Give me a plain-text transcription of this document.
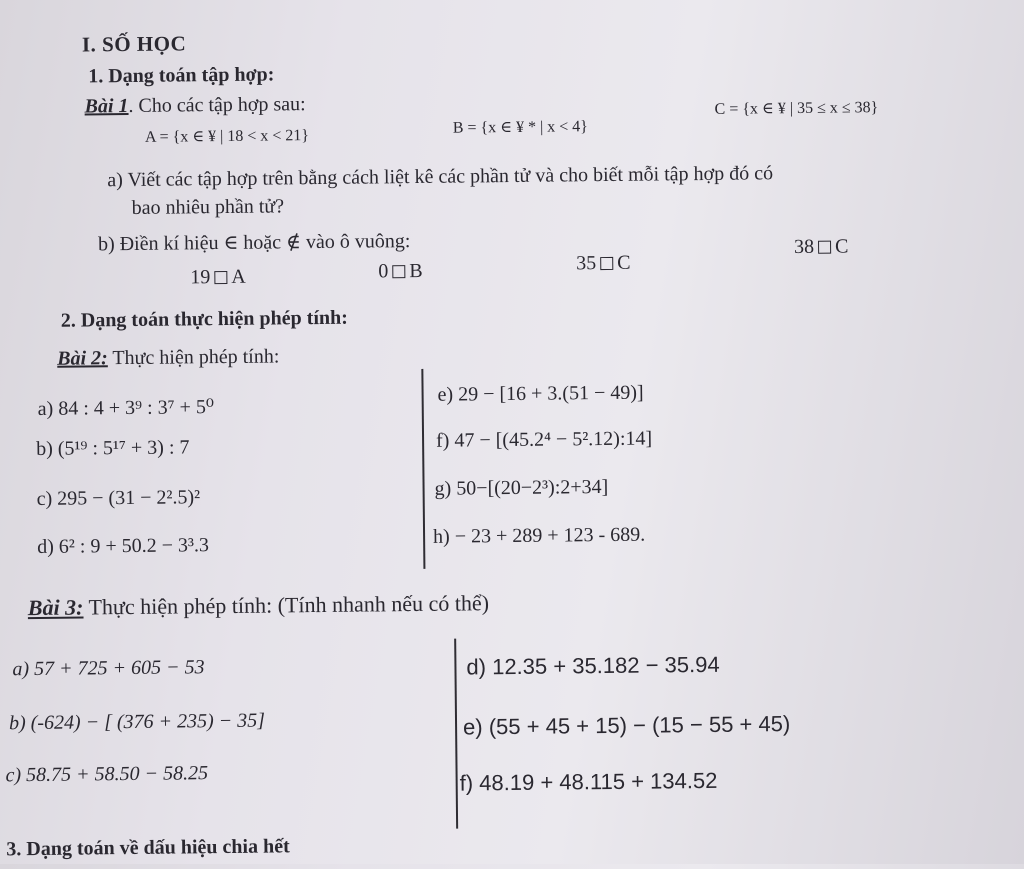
I. SỐ HỌC
1. Dạng toán tập hợp:
Bài 1. Cho các tập hợp sau:
A = {x ∈ ¥ | 18 < x < 21}	B = {x ∈ ¥ * | x < 4}
C = {x ∈ ¥ | 35 ≤ x ≤ 38}
a) Viết các tập hợp trên bằng cách liệt kê các phần tử và cho biết mỗi tập hợp đó có
bao nhiêu phần tử?
b) Điền kí hiệu ∈ hoặc ∉ vào ô vuông:
19 A	0 B	35 C
38 C
2. Dạng toán thực hiện phép tính:
Bài 2: Thực hiện phép tính:
a) 84 : 4 + 3⁹ : 3⁷ + 5⁰
b) (5¹⁹ : 5¹⁷ + 3) : 7
c) 295 − (31 − 2².5)²
d) 6² : 9 + 50.2 − 3³.3
e) 29 − [16 + 3.(51 − 49)]
f) 47 − [(45.2⁴ − 5².12):14]
g) 50−[(20−2³):2+34]
h) − 23 + 289 + 123 - 689.
Bài 3: Thực hiện phép tính: (Tính nhanh nếu có thể)
a) 57 + 725 + 605 − 53
b) (-624) − [ (376 + 235) − 35]
c) 58.75 + 58.50 − 58.25
d) 12.35 + 35.182 − 35.94
e) (55 + 45 + 15) − (15 − 55 + 45)
f) 48.19 + 48.115 + 134.52
3. Dạng toán về dấu hiệu chia hết
